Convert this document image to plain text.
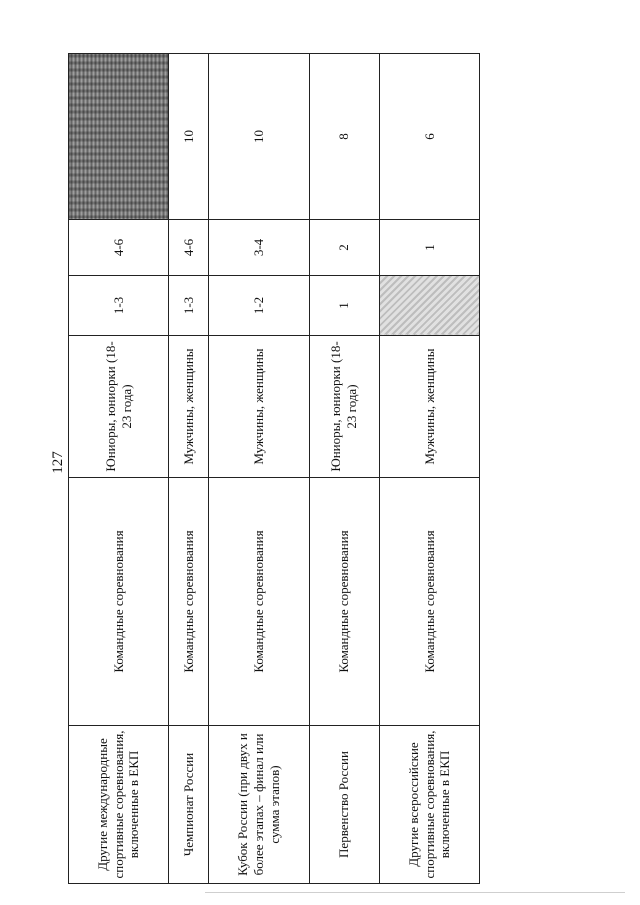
127
Другие международные спортивные соревнования, включенные в ЕКП	Командные соревнования	Юниоры, юниорки (18-23 года)	1-3	4-6	
Чемпионат России	Командные соревнования	Мужчины, женщины	1-3	4-6	10
Кубок России (при двух и более этапах – финал или сумма этапов)	Командные соревнования	Мужчины, женщины	1-2	3-4	10
Первенство России	Командные соревнования	Юниоры, юниорки (18-23 года)	1	2	8
Другие всероссийские спортивные соревнования, включенные в ЕКП	Командные соревнования	Мужчины, женщины		1	6
